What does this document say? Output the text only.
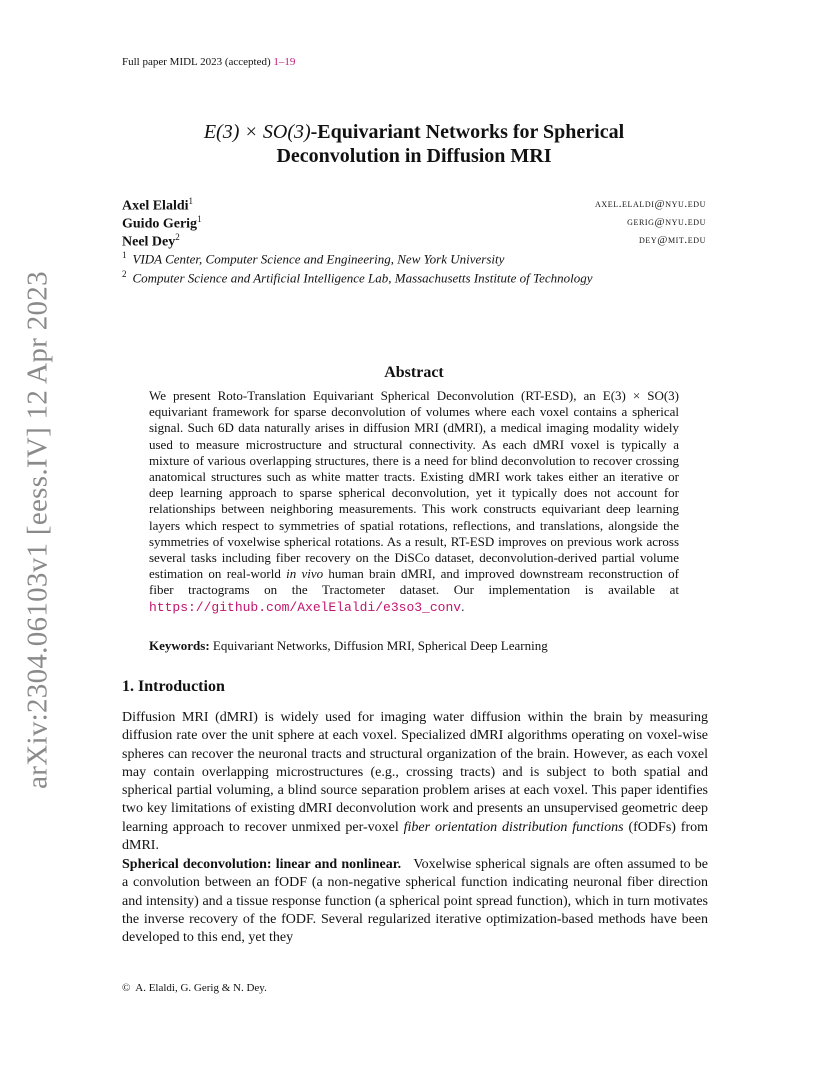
Full paper MIDL 2023 (accepted) 1–19
arXiv:2304.06103v1 [eess.IV] 12 Apr 2023
E(3) × SO(3)-Equivariant Networks for Spherical
Deconvolution in Diffusion MRI
Axel Elaldi$^1$	axel.elaldi@nyu.edu
Guido Gerig$^1$	gerig@nyu.edu
Neel Dey$^2$	dey@mit.edu
$^1$ VIDA Center, Computer Science and Engineering, New York University
$^2$ Computer Science and Artificial Intelligence Lab, Massachusetts Institute of Technology
Abstract
We present Roto-Translation Equivariant Spherical Deconvolution (RT-ESD), an E(3) × SO(3) equivariant framework for sparse deconvolution of volumes where each voxel contains a spherical signal. Such 6D data naturally arises in diffusion MRI (dMRI), a medical imaging modality widely used to measure microstructure and structural connectivity. As each dMRI voxel is typically a mixture of various overlapping structures, there is a need for blind deconvolution to recover crossing anatomical structures such as white matter tracts. Existing dMRI work takes either an iterative or deep learning approach to sparse spherical deconvolution, yet it typically does not account for relationships between neighboring measurements. This work constructs equivariant deep learning layers which respect to symmetries of spatial rotations, reflections, and translations, alongside the symmetries of voxelwise spherical rotations. As a result, RT-ESD improves on previous work across several tasks including fiber recovery on the DiSCo dataset, deconvolution-derived partial volume estimation on real-world in vivo human brain dMRI, and improved downstream reconstruction of fiber tractograms on the Tractometer dataset. Our implementation is available at https://github.com/AxelElaldi/e3so3_conv.
Keywords: Equivariant Networks, Diffusion MRI, Spherical Deep Learning
1. Introduction
Diffusion MRI (dMRI) is widely used for imaging water diffusion within the brain by measuring diffusion rate over the unit sphere at each voxel. Specialized dMRI algorithms operating on voxel-wise spheres can recover the neuronal tracts and structural organization of the brain. However, as each voxel may contain overlapping microstructures (e.g., crossing tracts) and is subject to both spatial and spherical partial voluming, a blind source separation problem arises at each voxel. This paper identifies two key limitations of existing dMRI deconvolution work and presents an unsupervised geometric deep learning approach to recover unmixed per-voxel fiber orientation distribution functions (fODFs) from dMRI.
Spherical deconvolution: linear and nonlinear. Voxelwise spherical signals are often assumed to be a convolution between an fODF (a non-negative spherical function indicating neuronal fiber direction and intensity) and a tissue response function (a spherical point spread function), which in turn motivates the inverse recovery of the fODF. Several regularized iterative optimization-based methods have been developed to this end, yet they
© A. Elaldi, G. Gerig & N. Dey.
